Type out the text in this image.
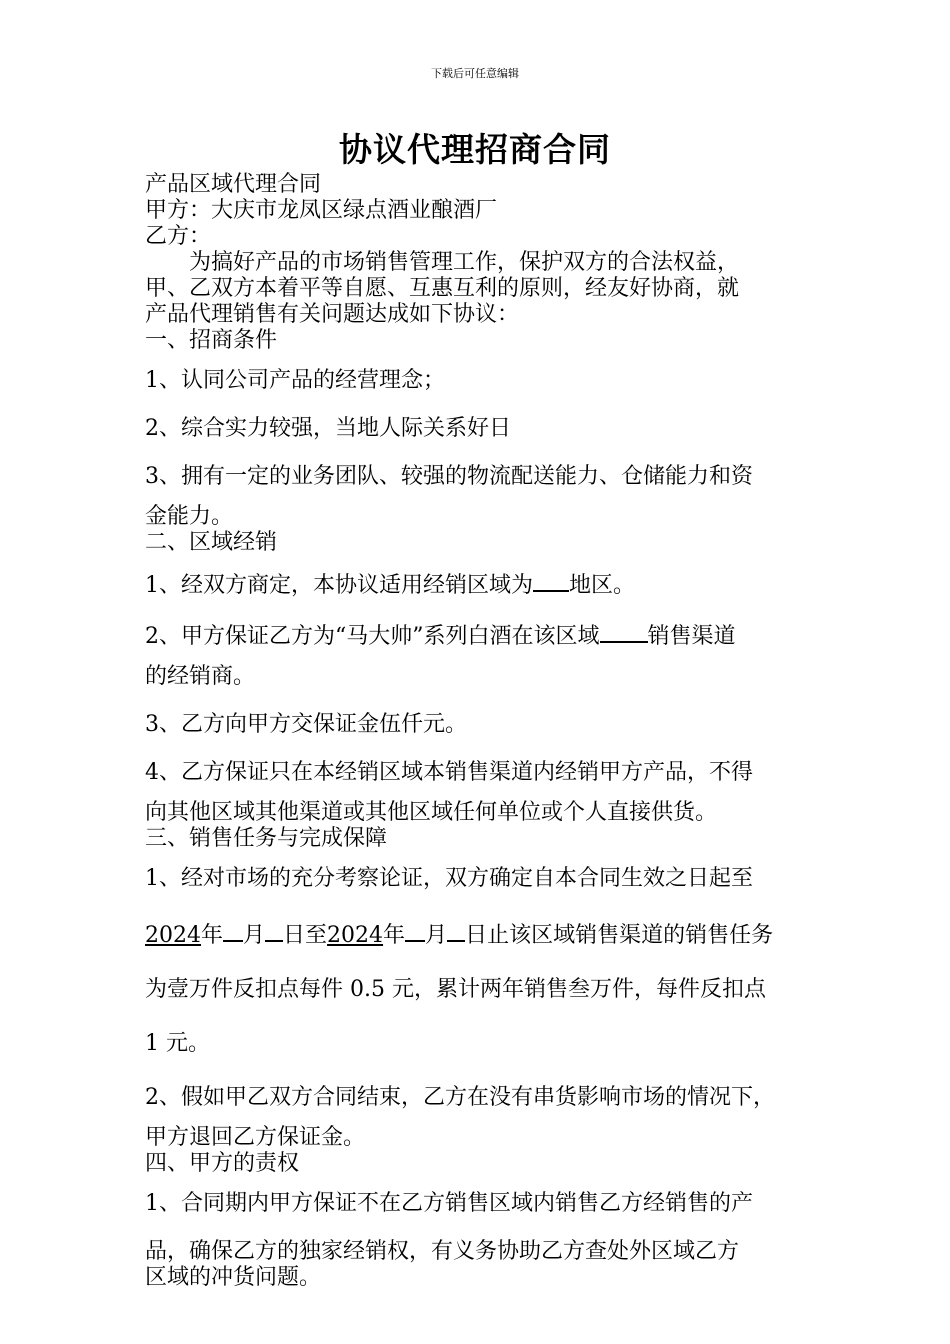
下载后可任意编辑
协议代理招商合同
产品区域代理合同
甲方：大庆市龙凤区绿点酒业酿酒厂
乙方：
为搞好产品的市场销售管理工作，保护双方的合法权益，
甲、乙双方本着平等自愿、互惠互利的原则，经友好协商，就
产品代理销售有关问题达成如下协议：
一、招商条件
1、认同公司产品的经营理念；
2、综合实力较强，当地人际关系好日
3、拥有一定的业务团队、较强的物流配送能力、仓储能力和资
金能力。
二、区域经销
1、经双方商定，本协议适用经销区域为 地区。
2、甲方保证乙方为“马大帅”系列白酒在该区域 销售渠道
的经销商。
3、乙方向甲方交保证金伍仟元。
4、乙方保证只在本经销区域本销售渠道内经销甲方产品，不得
向其他区域其他渠道或其他区域任何单位或个人直接供货。
三、销售任务与完成保障
1、经对市场的充分考察论证，双方确定自本合同生效之日起至
2024年 月 日至2024年 月 日止该区域销售渠道的销售任务
为壹万件反扣点每件 0.5 元，累计两年销售叁万件，每件反扣点
1 元。
2、假如甲乙双方合同结束，乙方在没有串货影响市场的情况下，
甲方退回乙方保证金。
四、甲方的责权
1、合同期内甲方保证不在乙方销售区域内销售乙方经销售的产
品，确保乙方的独家经销权，有义务协助乙方查处外区域乙方
区域的冲货问题。
